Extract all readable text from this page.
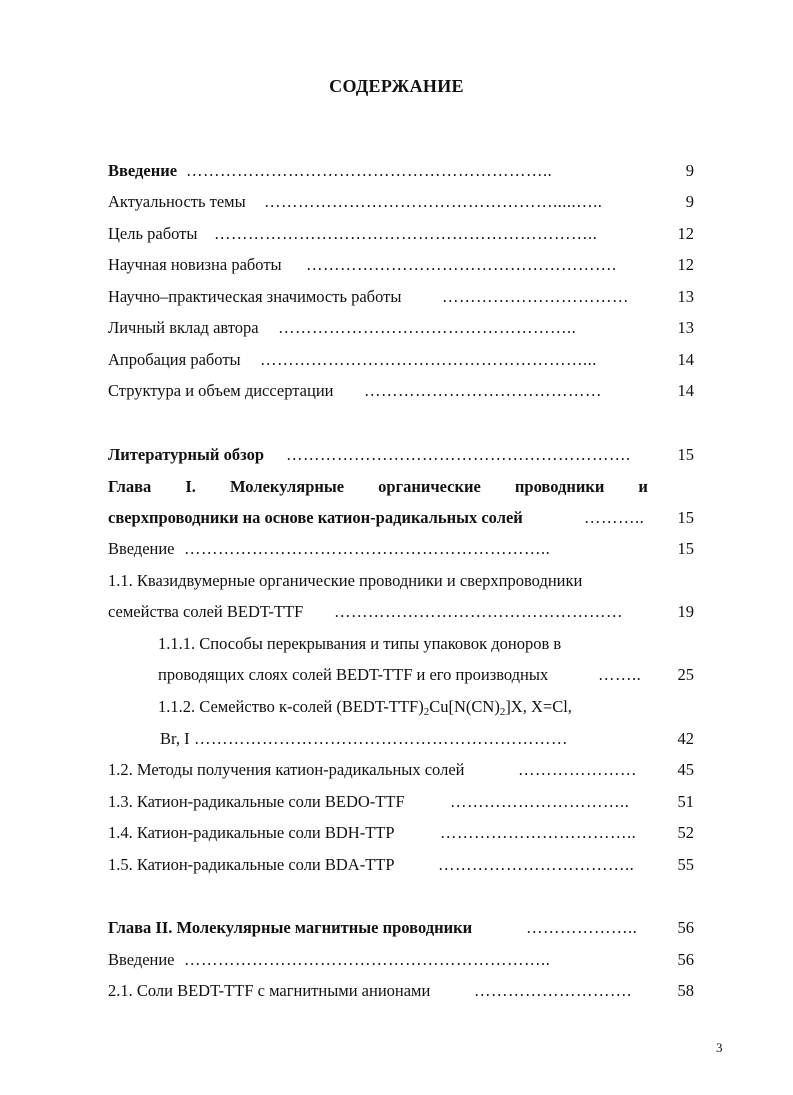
СОДЕРЖАНИЕ
Введение ………………………………………………………..	9
Актуальность темы …………………………………………….....…..	9
Цель работы …………………………………………………………..	12
Научная новизна работы ……………………………………………….	12
Научно–практическая значимость работы ……………………………	13
Личный вклад автора ……………………………………………..	13
Апробация работы …………………………………………………...	14
Структура и объем диссертации ……………………………………	14
Литературный обзор …………………………………………………….	15
Глава I. Молекулярные органические проводники и
сверхпроводники на основе катион-радикальных солей	……….. 15
Введение ………………………………………………………..	15
1.1. Квазидвумерные органические проводники и сверхпроводники
семейства солей BEDT-TTF ……………………………………………	19
1.1.1. Способы перекрывания и типы упаковок доноров в
проводящих слоях солей BEDT-TTF и его производных	…….. 25
1.1.2. Семейство к-солей $(BEDT-TTF)_2Cu[N(CN)_2]X$, X=Cl,
Br, I …………………………………………………………	42
1.2. Методы получения катион-радикальных солей	………………… 45
1.3. Катион-радикальные соли BEDO-TTF	…………………………..	51
1.4. Катион-радикальные соли BDH-TTP	……………………………..	52
1.5. Катион-радикальные соли BDA-TTP	……………………………..	55
Глава II. Молекулярные магнитные проводники	……………….. 56
Введение ………………………………………………………..	56
2.1. Соли BEDT-TTF с магнитными анионами	……………………….	58
3
